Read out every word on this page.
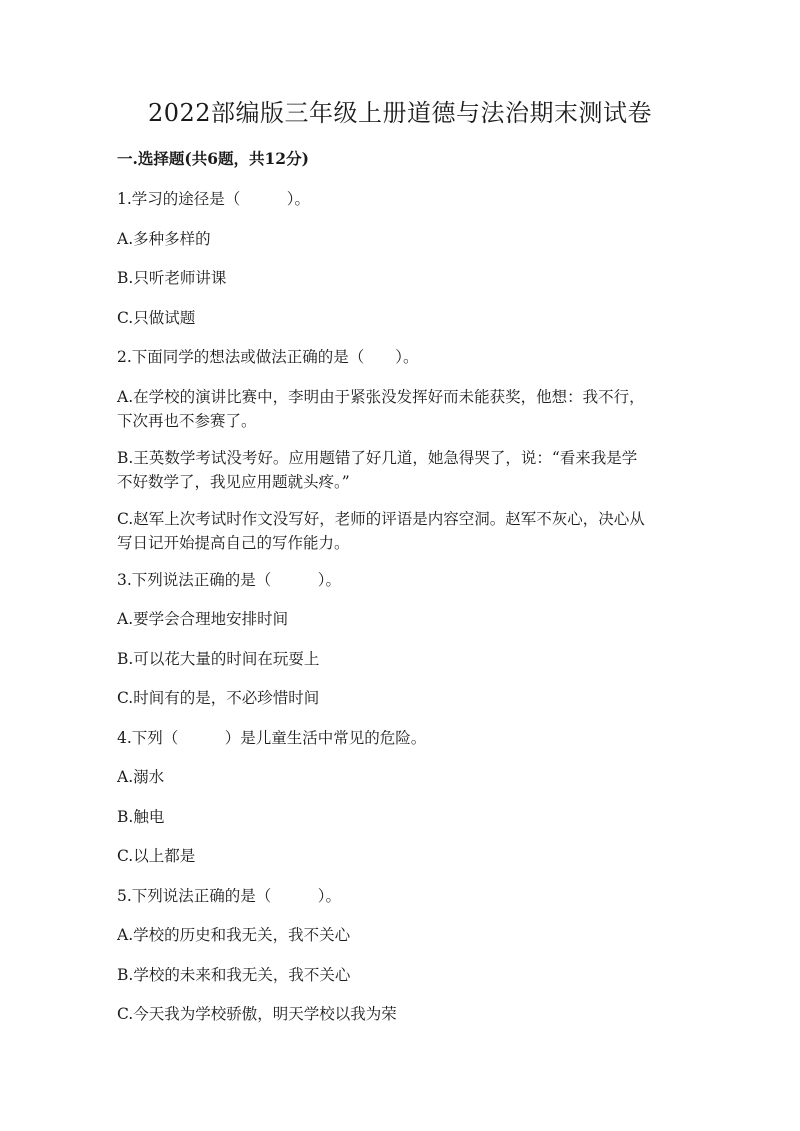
2022部编版三年级上册道德与法治期末测试卷
一.选择题(共6题，共12分)
1.学习的途径是（　　　）。
A.多种多样的
B.只听老师讲课
C.只做试题
2.下面同学的想法或做法正确的是（　　）。
A.在学校的演讲比赛中，李明由于紧张没发挥好而未能获奖，他想：我不行，
下次再也不参赛了。
B.王英数学考试没考好。应用题错了好几道，她急得哭了，说：“看来我是学
不好数学了，我见应用题就头疼。”
C.赵军上次考试时作文没写好，老师的评语是内容空洞。赵军不灰心，决心从
写日记开始提高自己的写作能力。
3.下列说法正确的是（　　　）。
A.要学会合理地安排时间
B.可以花大量的时间在玩耍上
C.时间有的是，不必珍惜时间
4.下列（　　　）是儿童生活中常见的危险。
A.溺水
B.触电
C.以上都是
5.下列说法正确的是（　　　）。
A.学校的历史和我无关，我不关心
B.学校的未来和我无关，我不关心
C.今天我为学校骄傲，明天学校以我为荣
